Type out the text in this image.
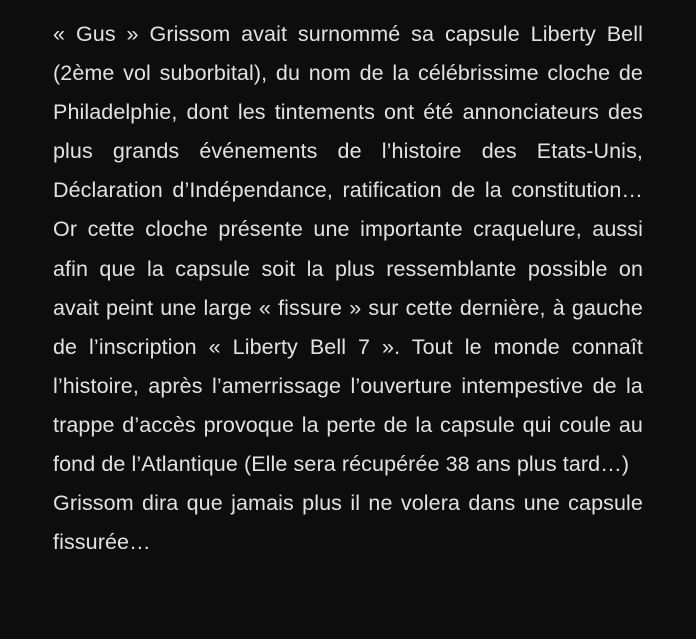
« Gus » Grissom avait surnommé sa capsule Liberty Bell (2ème vol suborbital), du nom de la célébrissime cloche de Philadelphie, dont les tintements ont été annonciateurs des plus grands événements de l’histoire des Etats-Unis, Déclaration d’Indépendance, ratification de la constitution… Or cette cloche présente une importante craquelure, aussi afin que la capsule soit la plus ressemblante possible on avait peint une large « fissure » sur cette dernière, à gauche de l’inscription « Liberty Bell 7 ». Tout le monde connaît l’histoire, après l’amerrissage l’ouverture intempestive de la trappe d’accès provoque la perte de la capsule qui coule au fond de l’Atlantique (Elle sera récupérée 38 ans plus tard…)

Grissom dira que jamais plus il ne volera dans une capsule fissurée…
